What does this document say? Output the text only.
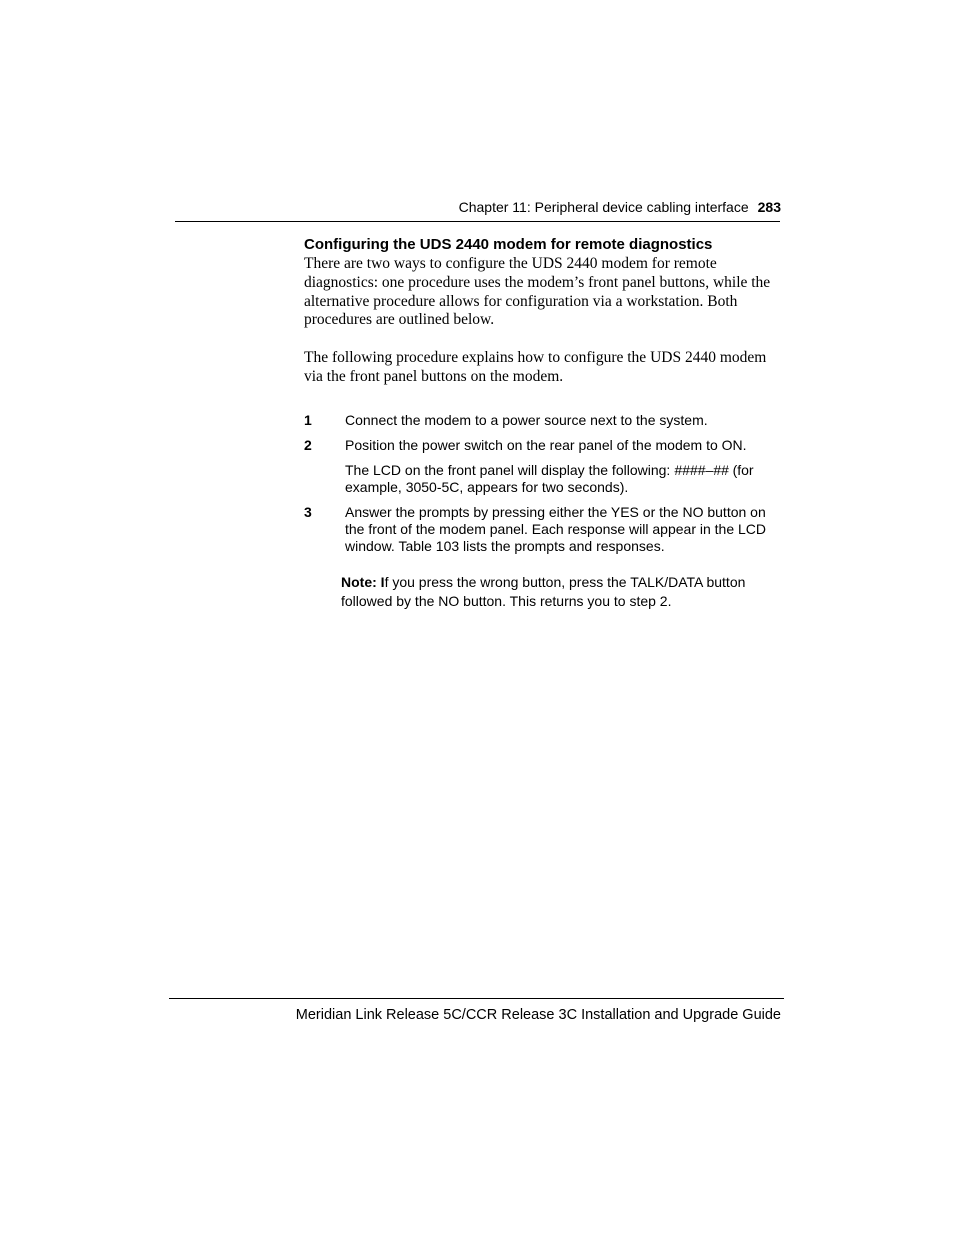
Chapter 11: Peripheral device cabling interface 283
Configuring the UDS 2440 modem for remote diagnostics

There are two ways to configure the UDS 2440 modem for remote diagnostics: one procedure uses the modem’s front panel buttons, while the alternative procedure allows for configuration via a workstation. Both procedures are outlined below.

The following procedure explains how to configure the UDS 2440 modem via the front panel buttons on the modem.

1 Connect the modem to a power source next to the system.

2 Position the power switch on the rear panel of the modem to ON.

The LCD on the front panel will display the following: ####–## (for example, 3050-5C, appears for two seconds).

3 Answer the prompts by pressing either the YES or the NO button on the front of the modem panel. Each response will appear in the LCD window. Table 103 lists the prompts and responses.

Note: If you press the wrong button, press the TALK/DATA button followed by the NO button. This returns you to step 2.

Meridian Link Release 5C/CCR Release 3C Installation and Upgrade Guide
